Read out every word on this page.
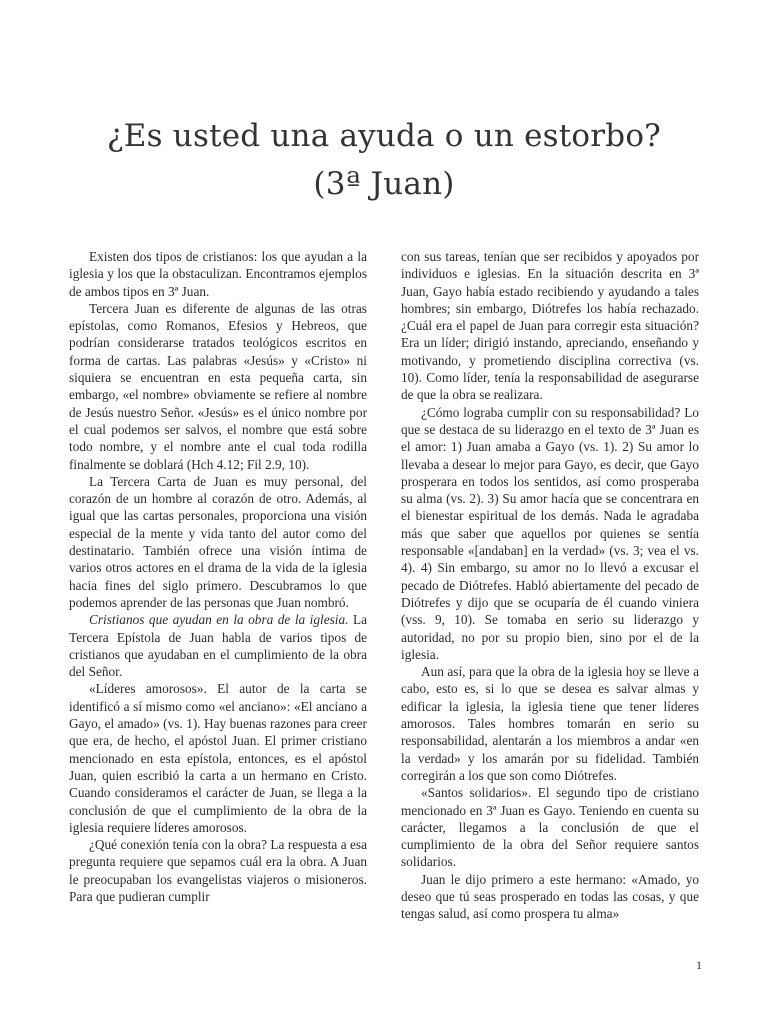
¿Es usted una ayuda o un estorbo?
(3ª Juan)

Existen dos tipos de cristianos: los que ayudan a la iglesia y los que la obstaculizan. Encontramos ejemplos de ambos tipos en 3ª Juan.

Tercera Juan es diferente de algunas de las otras epístolas, como Romanos, Efesios y Hebreos, que podrían considerarse tratados teológicos escritos en forma de cartas. Las palabras «Jesús» y «Cristo» ni siquiera se encuentran en esta pequeña carta, sin embargo, «el nombre» obviamente se refiere al nombre de Jesús nuestro Señor. «Jesús» es el único nombre por el cual podemos ser salvos, el nombre que está sobre todo nombre, y el nombre ante el cual toda rodilla finalmente se doblará (Hch 4.12; Fil 2.9, 10).

La Tercera Carta de Juan es muy personal, del corazón de un hombre al corazón de otro. Además, al igual que las cartas personales, proporciona una visión especial de la mente y vida tanto del autor como del destinatario. También ofrece una visión íntima de varios otros actores en el drama de la vida de la iglesia hacia fines del siglo primero. Descubramos lo que podemos aprender de las personas que Juan nombró.

Cristianos que ayudan en la obra de la iglesia. La Tercera Epístola de Juan habla de varios tipos de cristianos que ayudaban en el cumplimiento de la obra del Señor.

«Líderes amorosos». El autor de la carta se identificó a sí mismo como «el anciano»: «El anciano a Gayo, el amado» (vs. 1). Hay buenas razones para creer que era, de hecho, el apóstol Juan. El primer cristiano mencionado en esta epístola, entonces, es el apóstol Juan, quien escribió la carta a un hermano en Cristo. Cuando consideramos el carácter de Juan, se llega a la conclusión de que el cumplimiento de la obra de la iglesia requiere líderes amorosos.

¿Qué conexión tenía con la obra? La respuesta a esa pregunta requiere que sepamos cuál era la obra. A Juan le preocupaban los evangelistas viajeros o misioneros. Para que pudieran cumplir

con sus tareas, tenían que ser recibidos y apoyados por individuos e iglesias. En la situación descrita en 3ª Juan, Gayo había estado recibiendo y ayudando a tales hombres; sin embargo, Diótrefes los había rechazado. ¿Cuál era el papel de Juan para corregir esta situación? Era un líder; dirigió instando, apreciando, enseñando y motivando, y prometiendo disciplina correctiva (vs. 10). Como líder, tenía la responsabilidad de asegurarse de que la obra se realizara.

¿Cómo lograba cumplir con su responsabilidad? Lo que se destaca de su liderazgo en el texto de 3ª Juan es el amor: 1) Juan amaba a Gayo (vs. 1). 2) Su amor lo llevaba a desear lo mejor para Gayo, es decir, que Gayo prosperara en todos los sentidos, así como prosperaba su alma (vs. 2). 3) Su amor hacía que se concentrara en el bienestar espiritual de los demás. Nada le agradaba más que saber que aquellos por quienes se sentía responsable «[andaban] en la verdad» (vs. 3; vea el vs. 4). 4) Sin embargo, su amor no lo llevó a excusar el pecado de Diótrefes. Habló abiertamente del pecado de Diótrefes y dijo que se ocuparía de él cuando viniera (vss. 9, 10). Se tomaba en serio su liderazgo y autoridad, no por su propio bien, sino por el de la iglesia.

Aun así, para que la obra de la iglesia hoy se lleve a cabo, esto es, si lo que se desea es salvar almas y edificar la iglesia, la iglesia tiene que tener líderes amorosos. Tales hombres tomarán en serio su responsabilidad, alentarán a los miembros a andar «en la verdad» y los amarán por su fidelidad. También corregirán a los que son como Diótrefes.

«Santos solidarios». El segundo tipo de cristiano mencionado en 3ª Juan es Gayo. Teniendo en cuenta su carácter, llegamos a la conclusión de que el cumplimiento de la obra del Señor requiere santos solidarios.

Juan le dijo primero a este hermano: «Amado, yo deseo que tú seas prosperado en todas las cosas, y que tengas salud, así como prospera tu alma»

1
